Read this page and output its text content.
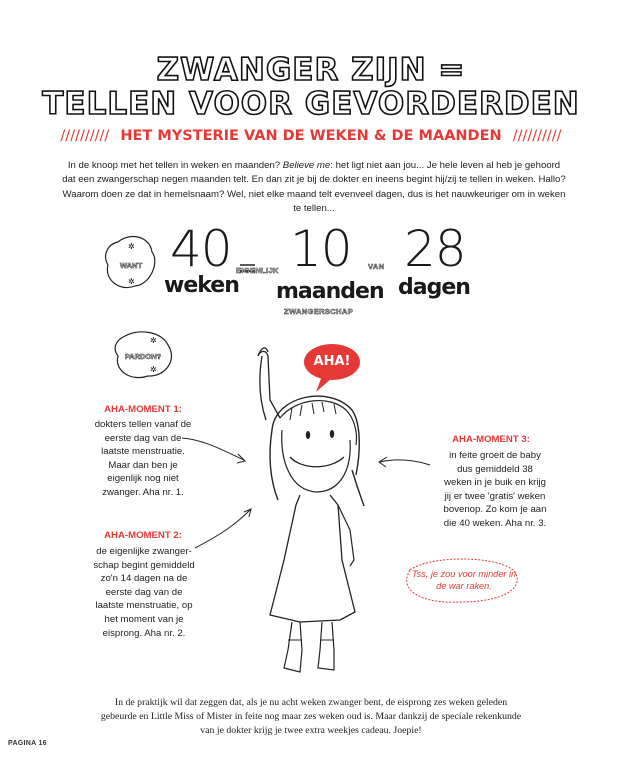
ZWANGER ZIJN =
TELLEN VOOR GEVORDERDEN
////////// HET MYSTERIE VAN DE WEKEN & DE MAANDEN //////////
In de knoop met het tellen in weken en maanden? Believe me: het ligt niet aan jou... Je hele leven al heb je gehoord dat een zwangerschap negen maanden telt. En dan zit je bij de dokter en ineens begint hij/zij te tellen in weken. Hallo? Waarom doen ze dat in hemelsnaam? Wel, niet elke maand telt evenveel dagen, dus is het nauwkeuriger om in weken te tellen...
✲
✲
✲
✲
WANT 40
weken
EIGENLIJK 10
maanden
ZWANGERSCHAP
VAN 28
dagen
PARDON?	AHA!
AHA-MOMENT 1:
dokters tellen vanaf de
eerste dag van de
laatste menstruatie.
Maar dan ben je
eigenlijk nog niet
zwanger. Aha nr. 1.
AHA-MOMENT 2:
de eigenlijke zwanger-
schap begint gemiddeld
zo'n 14 dagen na de
eerste dag van de
laatste menstruatie, op
het moment van je
eisprong. Aha nr. 2.
AHA-MOMENT 3:
in feite groeit de baby
dus gemiddeld 38
weken in je buik en krijg
jij er twee 'gratis' weken
bovenop. Zo kom je aan
die 40 weken. Aha nr. 3.
Tss, je zou voor minder in
de war raken.
In de praktijk wil dat zeggen dat, als je nu acht weken zwanger bent, de eisprong zes weken geleden gebeurde en Little Miss of Mister in feite nog maar zes weken oud is. Maar dankzij de speciale rekenkunde van je dokter krijg je twee extra weekjes cadeau. Joepie!
PAGINA 16
